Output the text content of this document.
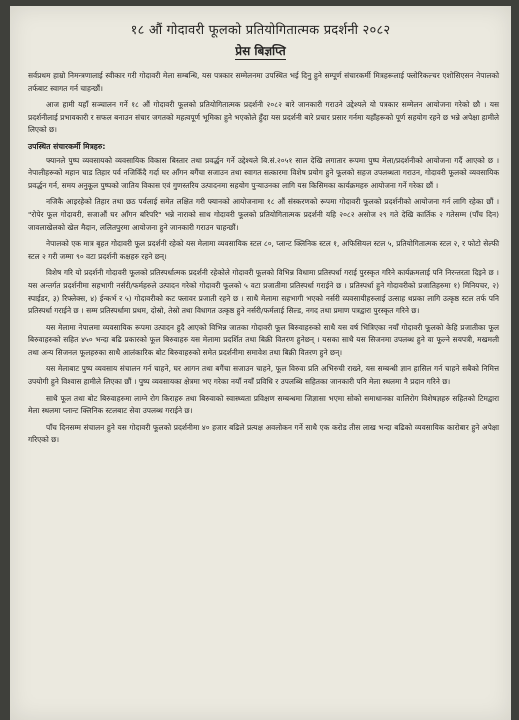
१८ औं गोदावरी फूलको प्रतियोगितात्मक प्रदर्शनी २०८२
प्रेस बिज्ञप्ति

सर्वप्रथम हाम्रो निमन्त्रणालाई स्वीकार गरी गोदावरी मेला सम्बन्धि, यस पत्रकार सम्मेलनमा उपस्थित भई दिनु हुने सम्पूर्ण संचारकर्मी मित्रहरूलाई फ्लोरिकल्चर एशोसिएसन नेपालको तर्फबाट स्वागत गर्न चाहन्छौं।

आज हामी यहाँ सञ्चालन गर्ने १८ औं गोदावरी फूलको प्रतियोगितात्मक प्रदर्शनी २०८२ बारे जानकारी गराउने उद्देश्यले यो पत्रकार सम्मेलन आयोजना गरेको छौ । यस प्रदर्शनीलाई प्रभावकारी र सफल बनाउन संचार जगतको महत्वपूर्ण भूमिका हुने भएकोले हुँदा यस प्रदर्शनी बारे प्रचार प्रसार गर्नमा यहाँहरूको पूर्ण सहयोग रहने छ भन्ने अपेक्षा हामीले लिएको छ।

उपस्थित संचारकर्मी मित्रहरु:

फ्यानले पुष्प व्यवसायको व्यवसायिक विकास बिस्तार तथा प्रवर्द्धन गर्ने उद्देश्यले बि.सं.२०५१ साल देखि लगातार रूपमा पुष्प मेला/प्रदर्शनीको आयोजना गर्दै आएको छ । नेपालीहरूको महान चाड तिहार पर्व नजिकिँदै गर्दा घर आँगन बगैंचा सजाउन तथा स्वागत सत्कारमा विशेष प्रयोग हुने फूलको सहज उपलब्धता गराउन, गोदावरी फूलको व्यवसायिक प्रवर्द्धन गर्न, समय अनुकूल पुष्पको जातिय विकास एवं गुणस्तरिय उत्पादनमा सहयोग पुऱ्याउनका लागि यस किसिमका कार्यक्रमहरु आयोजना गर्ने गरेका छौं ।

नजिकै आइरहेको तिहार तथा छठ पर्वलाई समेत लक्षित गरी फ्यानको आयोजनामा १८ औं संस्करणको रूपमा गोदावरी फूलको प्रदर्शनीको आयोजना गर्न लागि रहेका छौं । "रोपेर फूल गोदावरी, सजाऔं घर आँगन बरिपरि" भन्ने नाराको साथ गोदावरी फूलको प्रतियोगितात्मक प्रदर्शनी यहि २०८२ असोज २९ गते देखि कार्तिक २ गतेसम्म (पाँच दिन) जावलाखेलको खेल मैदान, ललितपुरमा आयोजना हुने जानकारी गराउन चाहन्छौं।

नेपालको एक मात्र बृहत गोदावरी फूल प्रदर्शनी रहेको यस मेलामा व्यवसायिक स्टल ८०, प्लान्ट क्लिनिक स्टल १, अफिसियल स्टल ५, प्रतियोगितात्मक स्टल २, र फोटो सेल्फी स्टल २ गरी जम्मा ९० वटा प्रदर्शनी कक्षहरु रहने छन्।

विशेष गरि यो प्रदर्शनी गोदावरी फूलको प्रतिस्पर्धात्मक प्रदर्शनी रहेकोले गोदावरी फूलको विभिन्न विधामा प्रतिस्पर्धा गराई पुरस्कृत गरिने कार्यक्रमलाई पनि निरन्तरता दिइने छ । यस अन्तर्गत प्रदर्शनीमा सहभागी नर्सरी/फर्महरुले उत्पादन गरेको गोदावरी फूलको ५ वटा प्रजातीमा प्रतिस्पर्धा गराईने छ । प्रतिस्पर्धा हुने गोदावरीको प्रजातिहरुमा १) मिनियचर, २) स्पाईडर, ३) रिफ्लेक्स, ४) ईन्कर्भ र ५) गोदावरीको कट फ्लावर प्रजाती रहने छ । साथै मेलामा सहभागी भएको नर्सरी व्यवसायीहरुलाई उत्साह थप्नका लागि उत्कृष्ठ स्टल तर्फ पनि प्रतिस्पर्धा गराईने छ । सम्म प्रतिस्पर्धामा प्रथम, दोस्रो, तेस्रो तथा विधागत उत्कृष्ठ हुने नर्सरी/फर्मलाई सिल्ड, नगद तथा प्रमाण पत्रद्वारा पुरस्कृत गरिने छ।

यस मेलामा नेपालमा व्यवसायिक रूपमा उत्पादन हुदै आएको विभिन्न जातका गोदावरी फूल बिरुवाहरुको साथै यस वर्ष भित्रिएका नयाँ गोदावरी फूलको केहि प्रजातीका फूल बिरुवाहरुको सहित ४५० भन्दा बढि प्रकारको फूल बिरुवाहरु यस मेलामा प्रदर्शित तथा बिक्री वितरण हुनेछन् । यसका साथै यस सिजनमा उपलब्ध हुने वा फूल्ने सयपत्री, मखमली तथा अन्य सिजनल फूलहरुका साथै आलंकारिक बोट बिरुवाहरुको समेत प्रदर्शनीमा समावेश तथा बिक्री वितरण हुने छन्।

यस मेलाबाट पुष्प व्यवसाय संचालन गर्न चाहने, घर आगन तथा बगैंचा सजाउन चाहने, फूल विरुवा प्रति अभिरुची राख्ने, यस सम्बन्धी ज्ञान हासिल गर्न चाहने सबैको निमित्त उपयोगी हुने विश्वास हामीले लिएका छौं । पुष्प व्यवसायका क्षेत्रमा भए गरेका नयाँ नयाँ प्रविधि र उपलब्धि सहितका जानकारी पनि मेला स्थलमा नै प्रदान गरिने छ।

साथै फूल तथा बोट बिरुवाहरुमा लाग्ने रोग किराहरु तथा बिरुवाको स्वास्थ्यता प्रविक्षण सम्बन्धमा जिज्ञासा भएमा सोको समाधानका वालिरोग विशेषज्ञहरु सहितको टिमद्वारा मेला स्थलमा प्लान्ट क्लिनिक स्टलबाट सेवा उपलब्ध गराईने छ।

पाँच दिनसम्म संचालन हुने यस गोदावरी फूलको प्रदर्शनीमा ४० हजार बढिले प्रत्यक्ष अवलोकन गर्ने साथै एक करोड तीस लाख भन्दा बढिको व्यवसायिक कारोबार हुने अपेक्षा गरिएको छ।
